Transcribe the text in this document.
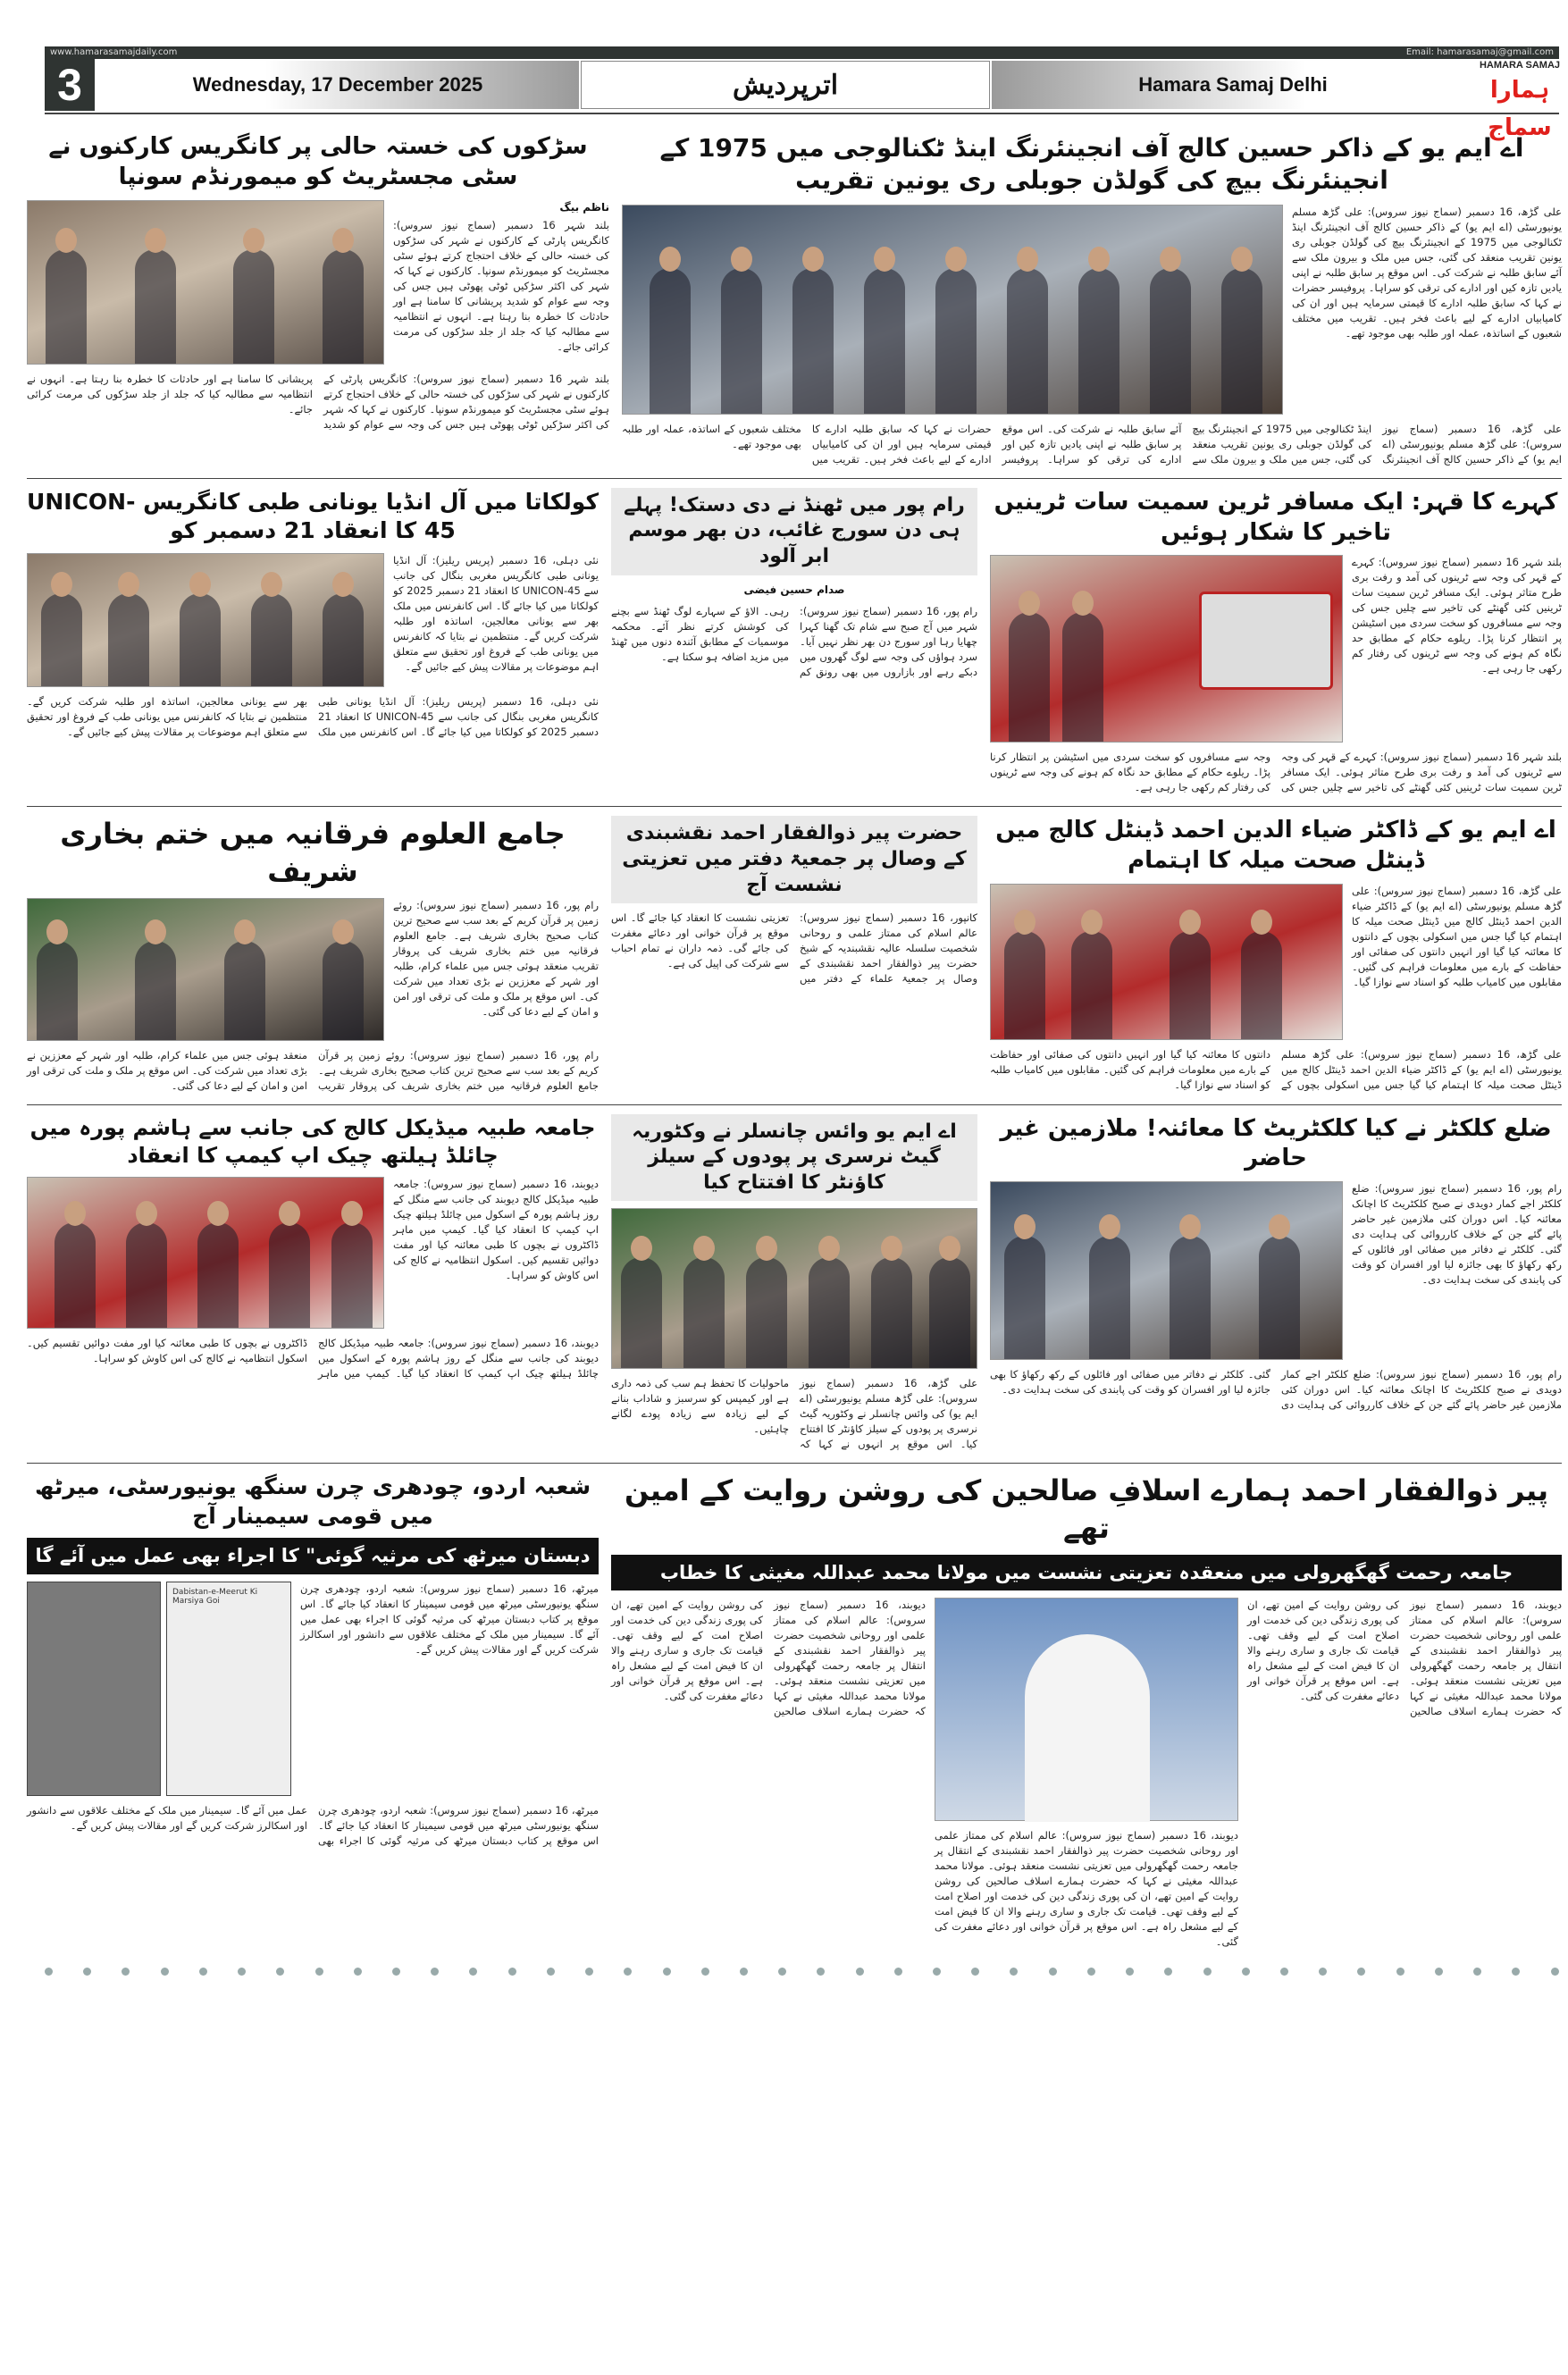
www.hamarasamajdaily.com	Email: hamarasamaj@gmail.com
3	Wednesday, 17 December 2025	اترپردیش	Hamara Samaj Delhi
HAMARA SAMAJ
ہمارا سماج
سڑکوں کی خستہ حالی پر کانگریس کارکنوں نے سٹی مجسٹریٹ کو میمورنڈم سونپا
ناظم بیگ
بلند شہر 16 دسمبر (سماج نیوز سروس): کانگریس پارٹی کے کارکنوں نے شہر کی سڑکوں کی خستہ حالی کے خلاف احتجاج کرتے ہوئے سٹی مجسٹریٹ کو میمورنڈم سونپا۔ کارکنوں نے کہا کہ شہر کی اکثر سڑکیں ٹوٹی پھوٹی ہیں جس کی وجہ سے عوام کو شدید پریشانی کا سامنا ہے اور حادثات کا خطرہ بنا رہتا ہے۔ انہوں نے انتظامیہ سے مطالبہ کیا کہ جلد از جلد سڑکوں کی مرمت کرائی جائے۔
بلند شہر 16 دسمبر (سماج نیوز سروس): کانگریس پارٹی کے کارکنوں نے شہر کی سڑکوں کی خستہ حالی کے خلاف احتجاج کرتے ہوئے سٹی مجسٹریٹ کو میمورنڈم سونپا۔ کارکنوں نے کہا کہ شہر کی اکثر سڑکیں ٹوٹی پھوٹی ہیں جس کی وجہ سے عوام کو شدید پریشانی کا سامنا ہے اور حادثات کا خطرہ بنا رہتا ہے۔ انہوں نے انتظامیہ سے مطالبہ کیا کہ جلد از جلد سڑکوں کی مرمت کرائی جائے۔
اے ایم یو کے ذاکر حسین کالج آف انجینئرنگ اینڈ ٹکنالوجی میں 1975 کے انجینئرنگ بیچ کی گولڈن جوبلی ری یونین تقریب
علی گڑھ، 16 دسمبر (سماج نیوز سروس): علی گڑھ مسلم یونیورسٹی (اے ایم یو) کے ذاکر حسین کالج آف انجینئرنگ اینڈ ٹکنالوجی میں 1975 کے انجینئرنگ بیچ کی گولڈن جوبلی ری یونین تقریب منعقد کی گئی، جس میں ملک و بیرون ملک سے آئے سابق طلبہ نے شرکت کی۔ اس موقع پر سابق طلبہ نے اپنی یادیں تازہ کیں اور ادارے کی ترقی کو سراہا۔ پروفیسر حضرات نے کہا کہ سابق طلبہ ادارے کا قیمتی سرمایہ ہیں اور ان کی کامیابیاں ادارے کے لیے باعث فخر ہیں۔ تقریب میں مختلف شعبوں کے اساتذہ، عملہ اور طلبہ بھی موجود تھے۔
علی گڑھ، 16 دسمبر (سماج نیوز سروس): علی گڑھ مسلم یونیورسٹی (اے ایم یو) کے ذاکر حسین کالج آف انجینئرنگ اینڈ ٹکنالوجی میں 1975 کے انجینئرنگ بیچ کی گولڈن جوبلی ری یونین تقریب منعقد کی گئی، جس میں ملک و بیرون ملک سے آئے سابق طلبہ نے شرکت کی۔ اس موقع پر سابق طلبہ نے اپنی یادیں تازہ کیں اور ادارے کی ترقی کو سراہا۔ پروفیسر حضرات نے کہا کہ سابق طلبہ ادارے کا قیمتی سرمایہ ہیں اور ان کی کامیابیاں ادارے کے لیے باعث فخر ہیں۔ تقریب میں مختلف شعبوں کے اساتذہ، عملہ اور طلبہ بھی موجود تھے۔
کولکاتا میں آل انڈیا یونانی طبی کانگریس UNICON-45 کا انعقاد 21 دسمبر کو
نئی دہلی، 16 دسمبر (پریس ریلیز): آل انڈیا یونانی طبی کانگریس مغربی بنگال کی جانب سے UNICON-45 کا انعقاد 21 دسمبر 2025 کو کولکاتا میں کیا جائے گا۔ اس کانفرنس میں ملک بھر سے یونانی معالجین، اساتذہ اور طلبہ شرکت کریں گے۔ منتظمین نے بتایا کہ کانفرنس میں یونانی طب کے فروغ اور تحقیق سے متعلق اہم موضوعات پر مقالات پیش کیے جائیں گے۔
نئی دہلی، 16 دسمبر (پریس ریلیز): آل انڈیا یونانی طبی کانگریس مغربی بنگال کی جانب سے UNICON-45 کا انعقاد 21 دسمبر 2025 کو کولکاتا میں کیا جائے گا۔ اس کانفرنس میں ملک بھر سے یونانی معالجین، اساتذہ اور طلبہ شرکت کریں گے۔ منتظمین نے بتایا کہ کانفرنس میں یونانی طب کے فروغ اور تحقیق سے متعلق اہم موضوعات پر مقالات پیش کیے جائیں گے۔
رام پور میں ٹھنڈ نے دی دستک! پہلے ہی دن سورج غائب، دن بھر موسم ابر آلود
صدام حسین فیضی
رام پور، 16 دسمبر (سماج نیوز سروس): شہر میں آج صبح سے شام تک گھنا کہرا چھایا رہا اور سورج دن بھر نظر نہیں آیا۔ سرد ہواؤں کی وجہ سے لوگ گھروں میں دبکے رہے اور بازاروں میں بھی رونق کم رہی۔ الاؤ کے سہارے لوگ ٹھنڈ سے بچنے کی کوشش کرتے نظر آئے۔ محکمہ موسمیات کے مطابق آئندہ دنوں میں ٹھنڈ میں مزید اضافہ ہو سکتا ہے۔
کہرے کا قہر: ایک مسافر ٹرین سمیت سات ٹرینیں تاخیر کا شکار ہوئیں
بلند شہر 16 دسمبر (سماج نیوز سروس): کہرے کے قہر کی وجہ سے ٹرینوں کی آمد و رفت بری طرح متاثر ہوئی۔ ایک مسافر ٹرین سمیت سات ٹرینیں کئی گھنٹے کی تاخیر سے چلیں جس کی وجہ سے مسافروں کو سخت سردی میں اسٹیشن پر انتظار کرنا پڑا۔ ریلوے حکام کے مطابق حد نگاہ کم ہونے کی وجہ سے ٹرینوں کی رفتار کم رکھی جا رہی ہے۔
بلند شہر 16 دسمبر (سماج نیوز سروس): کہرے کے قہر کی وجہ سے ٹرینوں کی آمد و رفت بری طرح متاثر ہوئی۔ ایک مسافر ٹرین سمیت سات ٹرینیں کئی گھنٹے کی تاخیر سے چلیں جس کی وجہ سے مسافروں کو سخت سردی میں اسٹیشن پر انتظار کرنا پڑا۔ ریلوے حکام کے مطابق حد نگاہ کم ہونے کی وجہ سے ٹرینوں کی رفتار کم رکھی جا رہی ہے۔
جامع العلوم فرقانیہ میں ختم بخاری شریف
رام پور، 16 دسمبر (سماج نیوز سروس): روئے زمین پر قرآن کریم کے بعد سب سے صحیح ترین کتاب صحیح بخاری شریف ہے۔ جامع العلوم فرقانیہ میں ختم بخاری شریف کی پروقار تقریب منعقد ہوئی جس میں علماء کرام، طلبہ اور شہر کے معززین نے بڑی تعداد میں شرکت کی۔ اس موقع پر ملک و ملت کی ترقی اور امن و امان کے لیے دعا کی گئی۔
رام پور، 16 دسمبر (سماج نیوز سروس): روئے زمین پر قرآن کریم کے بعد سب سے صحیح ترین کتاب صحیح بخاری شریف ہے۔ جامع العلوم فرقانیہ میں ختم بخاری شریف کی پروقار تقریب منعقد ہوئی جس میں علماء کرام، طلبہ اور شہر کے معززین نے بڑی تعداد میں شرکت کی۔ اس موقع پر ملک و ملت کی ترقی اور امن و امان کے لیے دعا کی گئی۔
حضرت پیر ذوالفقار احمد نقشبندی کے وصال پر جمعیۃ دفتر میں تعزیتی نشست آج
کانپور، 16 دسمبر (سماج نیوز سروس): عالم اسلام کی ممتاز علمی و روحانی شخصیت سلسلہ عالیہ نقشبندیہ کے شیخ حضرت پیر ذوالفقار احمد نقشبندی کے وصال پر جمعیۃ علماء کے دفتر میں تعزیتی نشست کا انعقاد کیا جائے گا۔ اس موقع پر قرآن خوانی اور دعائے مغفرت کی جائے گی۔ ذمہ داران نے تمام احباب سے شرکت کی اپیل کی ہے۔
اے ایم یو کے ڈاکٹر ضیاء الدین احمد ڈینٹل کالج میں ڈینٹل صحت میلہ کا اہتمام
علی گڑھ، 16 دسمبر (سماج نیوز سروس): علی گڑھ مسلم یونیورسٹی (اے ایم یو) کے ڈاکٹر ضیاء الدین احمد ڈینٹل کالج میں ڈینٹل صحت میلہ کا اہتمام کیا گیا جس میں اسکولی بچوں کے دانتوں کا معائنہ کیا گیا اور انہیں دانتوں کی صفائی اور حفاظت کے بارے میں معلومات فراہم کی گئیں۔ مقابلوں میں کامیاب طلبہ کو اسناد سے نوازا گیا۔
علی گڑھ، 16 دسمبر (سماج نیوز سروس): علی گڑھ مسلم یونیورسٹی (اے ایم یو) کے ڈاکٹر ضیاء الدین احمد ڈینٹل کالج میں ڈینٹل صحت میلہ کا اہتمام کیا گیا جس میں اسکولی بچوں کے دانتوں کا معائنہ کیا گیا اور انہیں دانتوں کی صفائی اور حفاظت کے بارے میں معلومات فراہم کی گئیں۔ مقابلوں میں کامیاب طلبہ کو اسناد سے نوازا گیا۔
جامعہ طبیہ میڈیکل کالج کی جانب سے ہاشم پورہ میں چائلڈ ہیلتھ چیک اپ کیمپ کا انعقاد
دیوبند، 16 دسمبر (سماج نیوز سروس): جامعہ طبیہ میڈیکل کالج دیوبند کی جانب سے منگل کے روز ہاشم پورہ کے اسکول میں چائلڈ ہیلتھ چیک اپ کیمپ کا انعقاد کیا گیا۔ کیمپ میں ماہر ڈاکٹروں نے بچوں کا طبی معائنہ کیا اور مفت دوائیں تقسیم کیں۔ اسکول انتظامیہ نے کالج کی اس کاوش کو سراہا۔
دیوبند، 16 دسمبر (سماج نیوز سروس): جامعہ طبیہ میڈیکل کالج دیوبند کی جانب سے منگل کے روز ہاشم پورہ کے اسکول میں چائلڈ ہیلتھ چیک اپ کیمپ کا انعقاد کیا گیا۔ کیمپ میں ماہر ڈاکٹروں نے بچوں کا طبی معائنہ کیا اور مفت دوائیں تقسیم کیں۔ اسکول انتظامیہ نے کالج کی اس کاوش کو سراہا۔
اے ایم یو وائس چانسلر نے وکٹوریہ گیٹ نرسری پر پودوں کے سیلز کاؤنٹر کا افتتاح کیا
علی گڑھ، 16 دسمبر (سماج نیوز سروس): علی گڑھ مسلم یونیورسٹی (اے ایم یو) کی وائس چانسلر نے وکٹوریہ گیٹ نرسری پر پودوں کے سیلز کاؤنٹر کا افتتاح کیا۔ اس موقع پر انہوں نے کہا کہ ماحولیات کا تحفظ ہم سب کی ذمہ داری ہے اور کیمپس کو سرسبز و شاداب بنانے کے لیے زیادہ سے زیادہ پودے لگانے چاہئیں۔
ضلع کلکٹر نے کیا کلکٹریٹ کا معائنہ! ملازمین غیر حاضر
رام پور، 16 دسمبر (سماج نیوز سروس): ضلع کلکٹر اجے کمار دویدی نے صبح کلکٹریٹ کا اچانک معائنہ کیا۔ اس دوران کئی ملازمین غیر حاضر پائے گئے جن کے خلاف کارروائی کی ہدایت دی گئی۔ کلکٹر نے دفاتر میں صفائی اور فائلوں کے رکھ رکھاؤ کا بھی جائزہ لیا اور افسران کو وقت کی پابندی کی سخت ہدایت دی۔
رام پور، 16 دسمبر (سماج نیوز سروس): ضلع کلکٹر اجے کمار دویدی نے صبح کلکٹریٹ کا اچانک معائنہ کیا۔ اس دوران کئی ملازمین غیر حاضر پائے گئے جن کے خلاف کارروائی کی ہدایت دی گئی۔ کلکٹر نے دفاتر میں صفائی اور فائلوں کے رکھ رکھاؤ کا بھی جائزہ لیا اور افسران کو وقت کی پابندی کی سخت ہدایت دی۔
شعبہ اردو، چودھری چرن سنگھ یونیورسٹی، میرٹھ میں قومی سیمینار آج
دبستان میرٹھ کی مرثیہ گوئی" کا اجراء بھی عمل میں آئے گا
Dabistan-e-Meerut Ki Marsiya Goi
میرٹھ، 16 دسمبر (سماج نیوز سروس): شعبہ اردو، چودھری چرن سنگھ یونیورسٹی میرٹھ میں قومی سیمینار کا انعقاد کیا جائے گا۔ اس موقع پر کتاب دبستان میرٹھ کی مرثیہ گوئی کا اجراء بھی عمل میں آئے گا۔ سیمینار میں ملک کے مختلف علاقوں سے دانشور اور اسکالرز شرکت کریں گے اور مقالات پیش کریں گے۔
میرٹھ، 16 دسمبر (سماج نیوز سروس): شعبہ اردو، چودھری چرن سنگھ یونیورسٹی میرٹھ میں قومی سیمینار کا انعقاد کیا جائے گا۔ اس موقع پر کتاب دبستان میرٹھ کی مرثیہ گوئی کا اجراء بھی عمل میں آئے گا۔ سیمینار میں ملک کے مختلف علاقوں سے دانشور اور اسکالرز شرکت کریں گے اور مقالات پیش کریں گے۔
پیر ذوالفقار احمد ہمارے اسلافِ صالحین کی روشن روایت کے امین تھے
جامعہ رحمت گھگھرولی میں منعقدہ تعزیتی نشست میں مولانا محمد عبداللہ مغیثی کا خطاب
دیوبند، 16 دسمبر (سماج نیوز سروس): عالم اسلام کی ممتاز علمی اور روحانی شخصیت حضرت پیر ذوالفقار احمد نقشبندی کے انتقال پر جامعہ رحمت گھگھرولی میں تعزیتی نشست منعقد ہوئی۔ مولانا محمد عبداللہ مغیثی نے کہا کہ حضرت ہمارے اسلاف صالحین کی روشن روایت کے امین تھے، ان کی پوری زندگی دین کی خدمت اور اصلاح امت کے لیے وقف تھی۔ قیامت تک جاری و ساری رہنے والا ان کا فیض امت کے لیے مشعل راہ ہے۔ اس موقع پر قرآن خوانی اور دعائے مغفرت کی گئی۔
دیوبند، 16 دسمبر (سماج نیوز سروس): عالم اسلام کی ممتاز علمی اور روحانی شخصیت حضرت پیر ذوالفقار احمد نقشبندی کے انتقال پر جامعہ رحمت گھگھرولی میں تعزیتی نشست منعقد ہوئی۔ مولانا محمد عبداللہ مغیثی نے کہا کہ حضرت ہمارے اسلاف صالحین کی روشن روایت کے امین تھے، ان کی پوری زندگی دین کی خدمت اور اصلاح امت کے لیے وقف تھی۔ قیامت تک جاری و ساری رہنے والا ان کا فیض امت کے لیے مشعل راہ ہے۔ اس موقع پر قرآن خوانی اور دعائے مغفرت کی گئی۔
دیوبند، 16 دسمبر (سماج نیوز سروس): عالم اسلام کی ممتاز علمی اور روحانی شخصیت حضرت پیر ذوالفقار احمد نقشبندی کے انتقال پر جامعہ رحمت گھگھرولی میں تعزیتی نشست منعقد ہوئی۔ مولانا محمد عبداللہ مغیثی نے کہا کہ حضرت ہمارے اسلاف صالحین کی روشن روایت کے امین تھے، ان کی پوری زندگی دین کی خدمت اور اصلاح امت کے لیے وقف تھی۔ قیامت تک جاری و ساری رہنے والا ان کا فیض امت کے لیے مشعل راہ ہے۔ اس موقع پر قرآن خوانی اور دعائے مغفرت کی گئی۔
